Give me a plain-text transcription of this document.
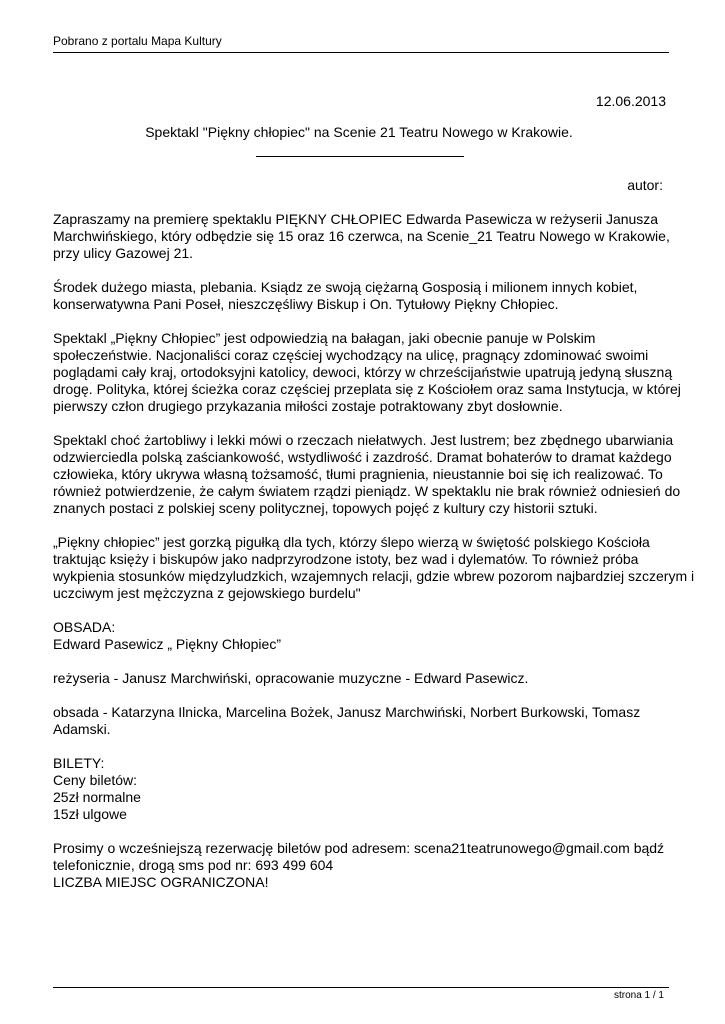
Pobrano z portalu Mapa Kultury
12.06.2013
Spektakl "Piękny chłopiec" na Scenie 21 Teatru Nowego w Krakowie.
autor:

Zapraszamy na premierę spektaklu PIĘKNY CHŁOPIEC Edwarda Pasewicza w reżyserii Janusza
Marchwińskiego, który odbędzie się 15 oraz 16 czerwca, na Scenie_21 Teatru Nowego w Krakowie,
przy ulicy Gazowej 21.

Środek dużego miasta, plebania. Ksiądz ze swoją ciężarną Gosposią i milionem innych kobiet,
konserwatywna Pani Poseł, nieszczęśliwy Biskup i On. Tytułowy Piękny Chłopiec.

Spektakl „Piękny Chłopiec” jest odpowiedzią na bałagan, jaki obecnie panuje w Polskim
społeczeństwie. Nacjonaliści coraz częściej wychodzący na ulicę, pragnący zdominować swoimi
poglądami cały kraj, ortodoksyjni katolicy, dewoci, którzy w chrześcijaństwie upatrują jedyną słuszną
drogę. Polityka, której ścieżka coraz częściej przeplata się z Kościołem oraz sama Instytucja, w której
pierwszy człon drugiego przykazania miłości zostaje potraktowany zbyt dosłownie.

Spektakl choć żartobliwy i lekki mówi o rzeczach niełatwych. Jest lustrem; bez zbędnego ubarwiania
odzwierciedla polską zaściankowość, wstydliwość i zazdrość. Dramat bohaterów to dramat każdego
człowieka, który ukrywa własną tożsamość, tłumi pragnienia, nieustannie boi się ich realizować. To
również potwierdzenie, że całym światem rządzi pieniądz. W spektaklu nie brak również odniesień do
znanych postaci z polskiej sceny politycznej, topowych pojęć z kultury czy historii sztuki.

„Piękny chłopiec” jest gorzką pigułką dla tych, którzy ślepo wierzą w świętość polskiego Kościoła
traktując księży i biskupów jako nadprzyrodzone istoty, bez wad i dylematów. To również próba
wykpienia stosunków międzyludzkich, wzajemnych relacji, gdzie wbrew pozorom najbardziej szczerym i
uczciwym jest mężczyzna z gejowskiego burdelu"

OBSADA:
Edward Pasewicz „ Piękny Chłopiec”

reżyseria - Janusz Marchwiński, opracowanie muzyczne - Edward Pasewicz.

obsada - Katarzyna Ilnicka, Marcelina Bożek, Janusz Marchwiński, Norbert Burkowski, Tomasz
Adamski.

BILETY:
Ceny biletów:
25zł normalne
15zł ulgowe

Prosimy o wcześniejszą rezerwację biletów pod adresem: scena21teatrunowego@gmail.com bądź
telefonicznie, drogą sms pod nr: 693 499 604
LICZBA MIEJSC OGRANICZONA!

strona 1 / 1
